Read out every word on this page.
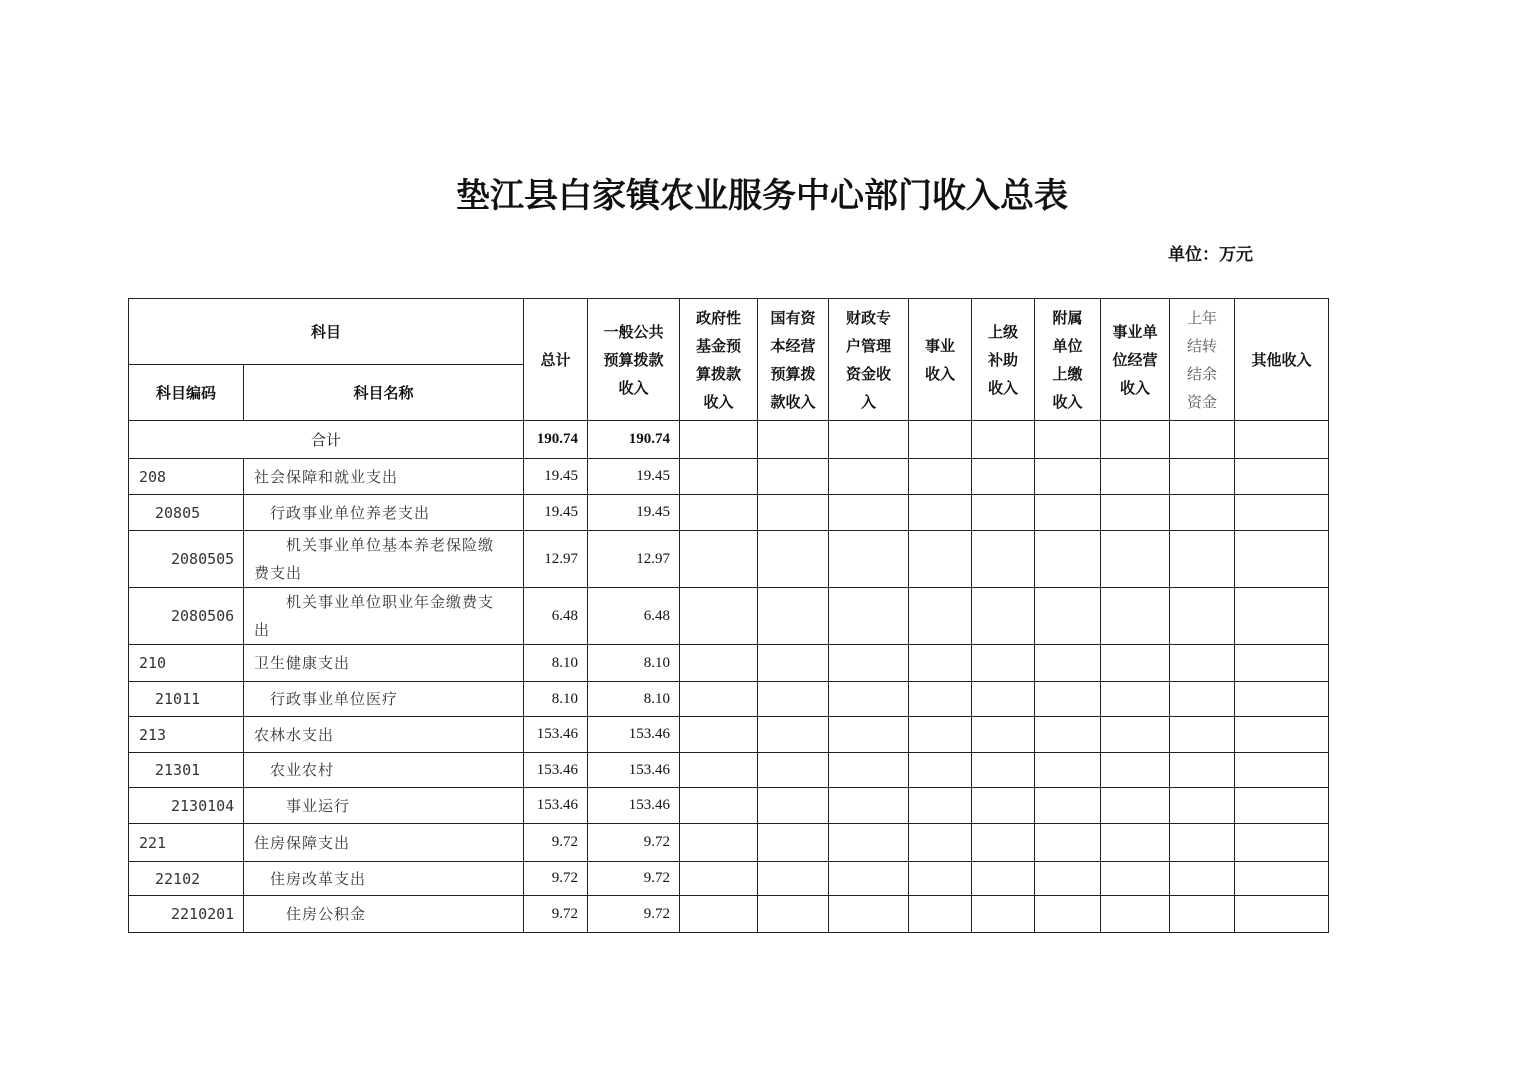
垫江县白家镇农业服务中心部门收入总表
单位：万元
科目		总计	一般公共预算拨款收入	政府性基金预算拨款收入	国有资本经营预算拨款收入	财政专户管理资金收入	事业收入	上级补助收入	附属单位上缴收入	事业单位经营收入	上年结转结余资金	其他收入
科目编码	科目名称											
合计		190.74	190.74									
208	社会保障和就业支出	19.45	19.45									
20805	行政事业单位养老支出	19.45	19.45									
2080505	机关事业单位基本养老保险缴费支出	12.97	12.97									
2080506	机关事业单位职业年金缴费支出	6.48	6.48									
210	卫生健康支出	8.10	8.10									
21011	行政事业单位医疗	8.10	8.10									
213	农林水支出	153.46	153.46									
21301	农业农村	153.46	153.46									
2130104	事业运行	153.46	153.46									
221	住房保障支出	9.72	9.72									
22102	住房改革支出	9.72	9.72									
2210201	住房公积金	9.72	9.72									
